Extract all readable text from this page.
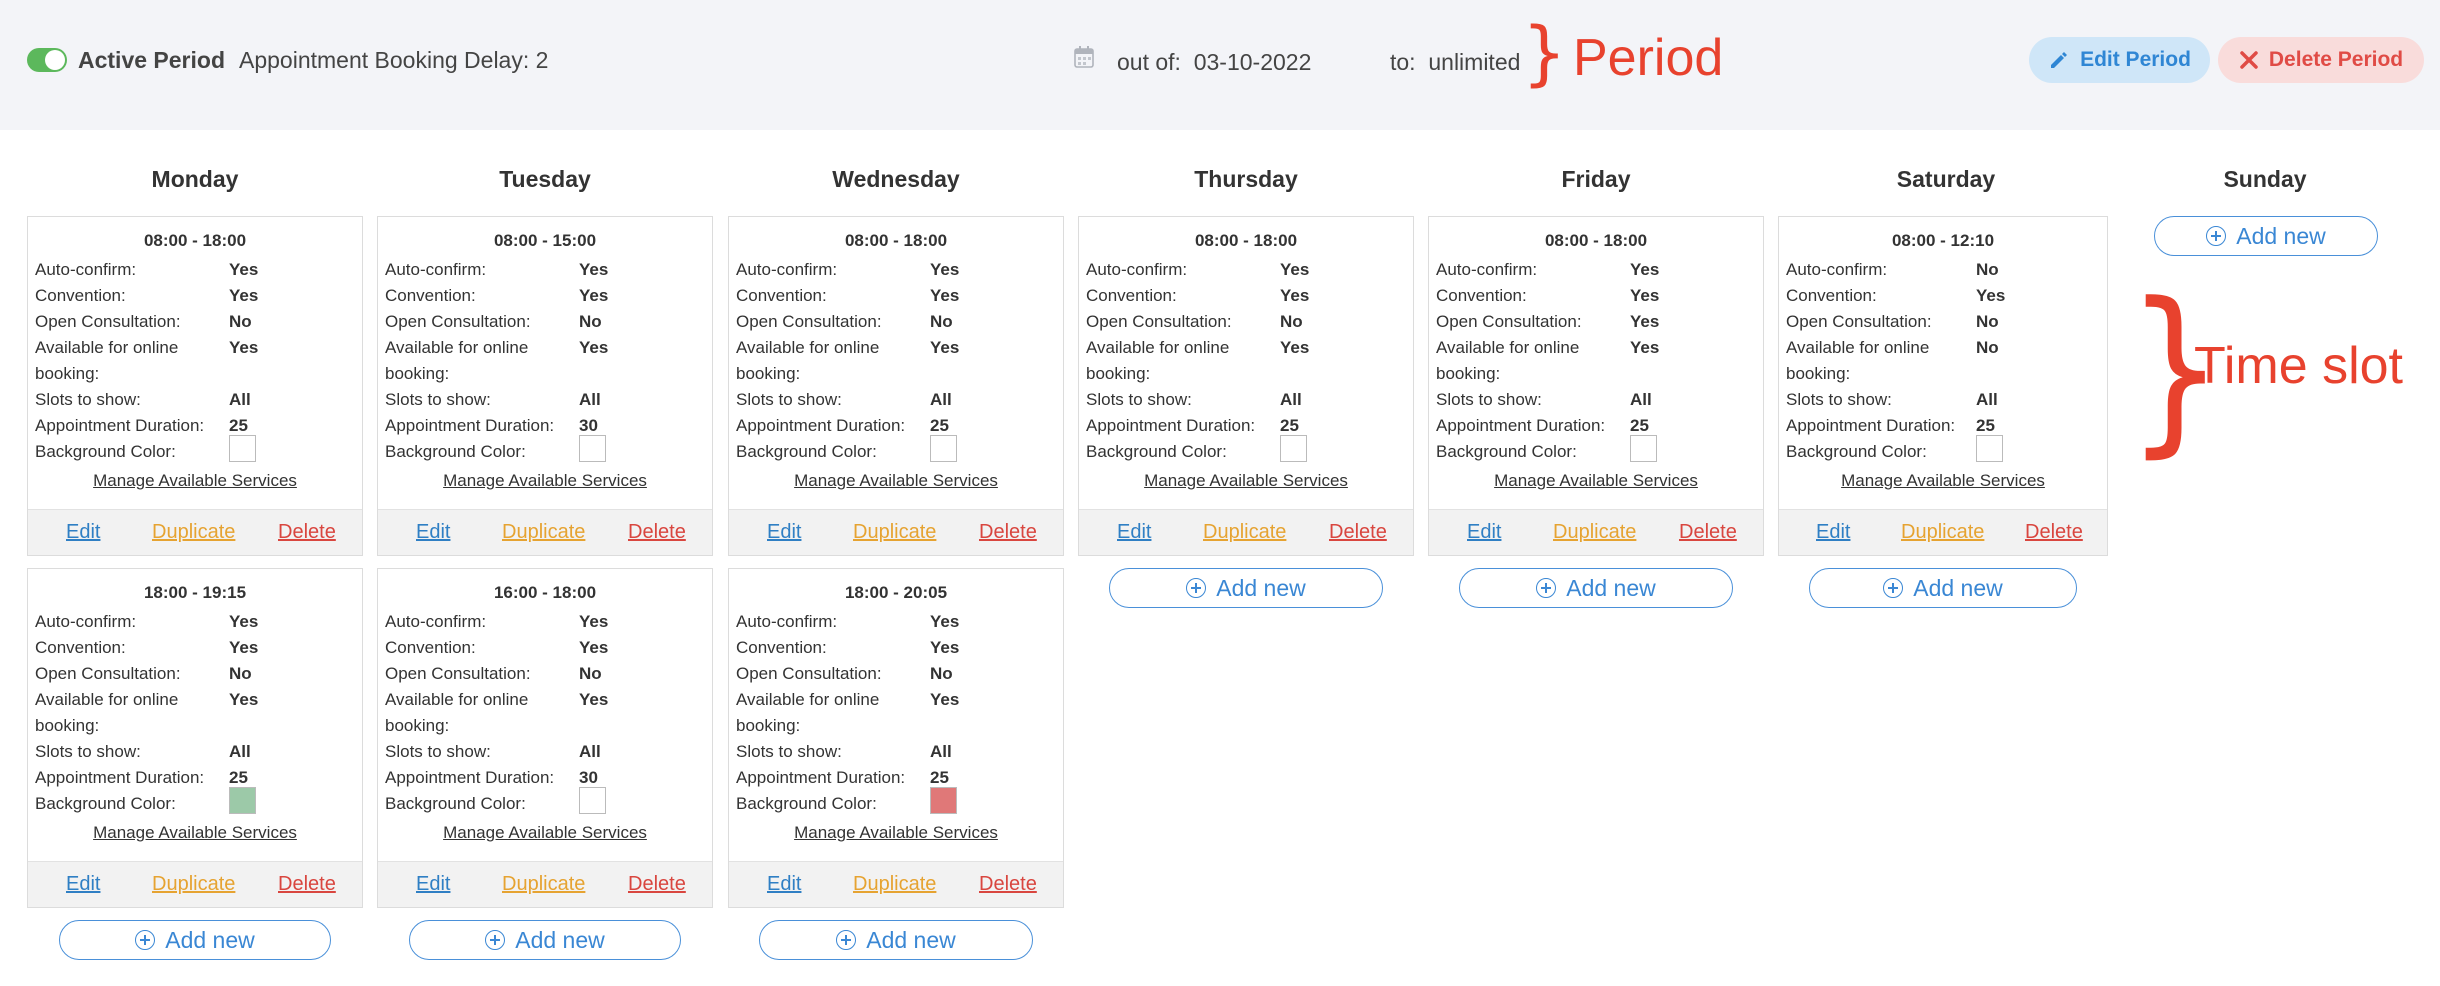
Active Period Appointment Booking Delay: 2	out of: 03-10-2022	to: unlimited } Period	Edit Period	Delete Period
Monday	Tuesday	Wednesday	Thursday	Friday	Saturday	Sunday
08:00 - 18:00
Auto-confirm:	Yes
Convention:	Yes
Open Consultation:	No
Available for online	Yes
booking:
Slots to show:	All
Appointment Duration: 25
Background Color:
Manage Available Services
Edit	Duplicate Delete
18:00 - 19:15
Auto-confirm:	Yes
Convention:	Yes
Open Consultation:	No
Available for online	Yes
booking:
Slots to show:	All
Appointment Duration: 25
Background Color:
Manage Available Services
Edit	Duplicate Delete
08:00 - 15:00
Auto-confirm:	Yes
Convention:	Yes
Open Consultation:	No
Available for online	Yes
booking:
Slots to show:	All
Appointment Duration: 30
Background Color:
Manage Available Services
Edit	Duplicate Delete
16:00 - 18:00
Auto-confirm:	Yes
Convention:	Yes
Open Consultation:	No
Available for online	Yes
booking:
Slots to show:	All
Appointment Duration: 30
Background Color:
Manage Available Services
Edit	Duplicate Delete
08:00 - 18:00
Auto-confirm:	Yes
Convention:	Yes
Open Consultation:	No
Available for online	Yes
booking:
Slots to show:	All
Appointment Duration: 25
Background Color:
Manage Available Services
Edit	Duplicate Delete
18:00 - 20:05
Auto-confirm:	Yes
Convention:	Yes
Open Consultation:	No
Available for online	Yes
booking:
Slots to show:	All
Appointment Duration: 25
Background Color:
Manage Available Services
Edit	Duplicate Delete
08:00 - 18:00
Auto-confirm:	Yes
Convention:	Yes
Open Consultation:	No
Available for online	Yes
booking:
Slots to show:	All
Appointment Duration: 25
Background Color:
Manage Available Services
Edit	Duplicate Delete
08:00 - 18:00
Auto-confirm:	Yes
Convention:	Yes
Open Consultation:	Yes
Available for online	Yes
booking:
Slots to show:	All
Appointment Duration: 25
Background Color:
Manage Available Services
Edit	Duplicate Delete
08:00 - 12:10
Auto-confirm:	No
Convention:	Yes
Open Consultation:	No
Available for online	No
booking:
Slots to show:	All
Appointment Duration: 25
Background Color:
Manage Available Services
Edit	Duplicate Delete
Add new	Add new	Add new
Add new	Add new	Add new
Add new
}
Time slot
